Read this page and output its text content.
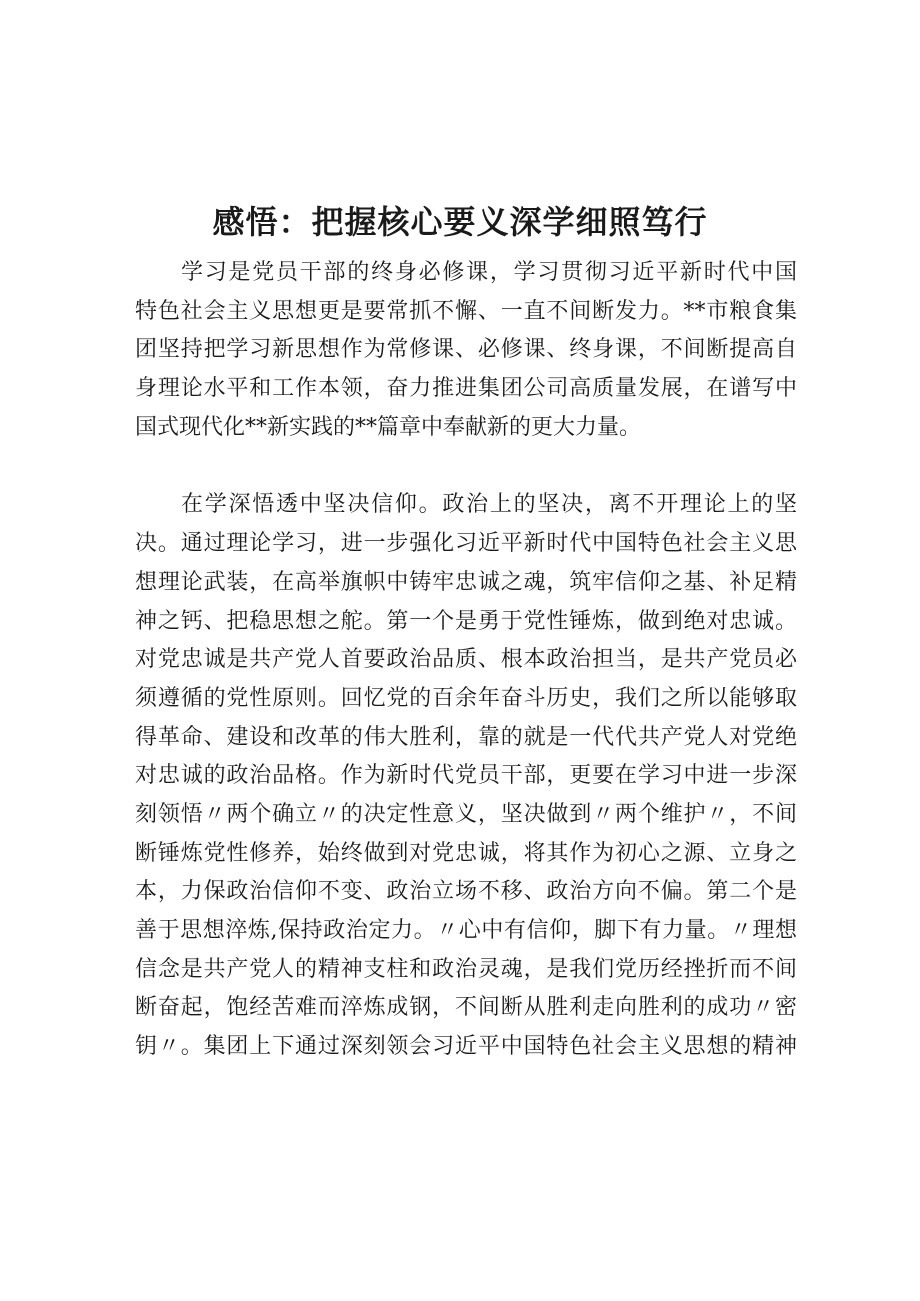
感悟：把握核心要义深学细照笃行
学习是党员干部的终身必修课，学习贯彻习近平新时代中国
特色社会主义思想更是要常抓不懈、一直不间断发力。**市粮食集
团坚持把学习新思想作为常修课、必修课、终身课，不间断提高自
身理论水平和工作本领，奋力推进集团公司高质量发展，在谱写中
国式现代化**新实践的**篇章中奉献新的更大力量。
在学深悟透中坚决信仰。政治上的坚决，离不开理论上的坚
决。通过理论学习，进一步强化习近平新时代中国特色社会主义思
想理论武装，在高举旗帜中铸牢忠诚之魂，筑牢信仰之基、补足精
神之钙、把稳思想之舵。第一个是勇于党性锤炼，做到绝对忠诚。
对党忠诚是共产党人首要政治品质、根本政治担当，是共产党员必
须遵循的党性原则。回忆党的百余年奋斗历史，我们之所以能够取
得革命、建设和改革的伟大胜利，靠的就是一代代共产党人对党绝
对忠诚的政治品格。作为新时代党员干部，更要在学习中进一步深
刻领悟〃两个确立〃的决定性意义，坚决做到〃两个维护〃，不间
断锤炼党性修养，始终做到对党忠诚，将其作为初心之源、立身之
本，力保政治信仰不变、政治立场不移、政治方向不偏。第二个是
善于思想淬炼,保持政治定力。〃心中有信仰，脚下有力量。〃理想
信念是共产党人的精神支柱和政治灵魂，是我们党历经挫折而不间
断奋起，饱经苦难而淬炼成钢，不间断从胜利走向胜利的成功〃密
钥〃。集团上下通过深刻领会习近平中国特色社会主义思想的精神
